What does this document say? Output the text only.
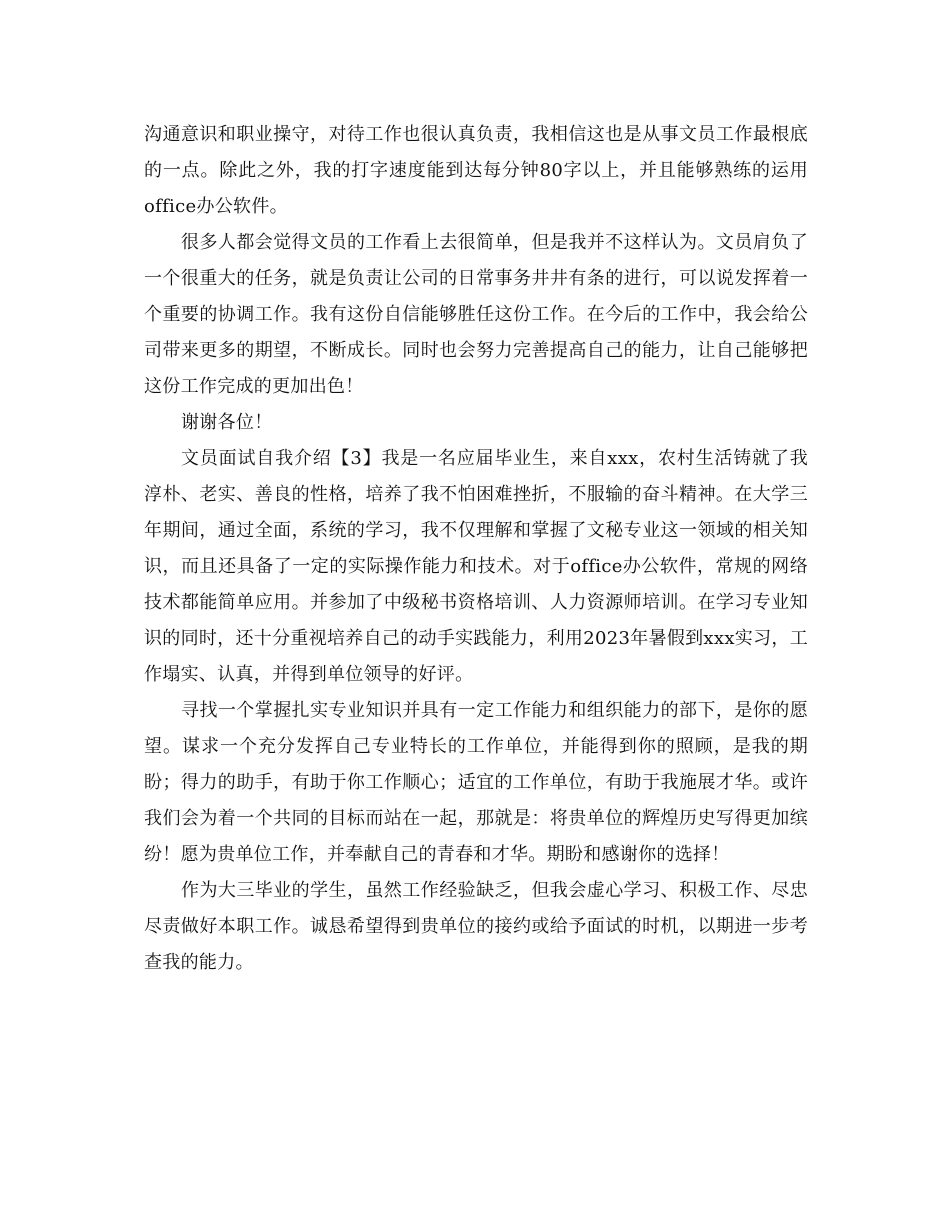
沟通意识和职业操守，对待工作也很认真负责，我相信这也是从事文员工作最根底的一点。除此之外，我的打字速度能到达每分钟80字以上，并且能够熟练的运用office办公软件。

很多人都会觉得文员的工作看上去很简单，但是我并不这样认为。文员肩负了一个很重大的任务，就是负责让公司的日常事务井井有条的进行，可以说发挥着一个重要的协调工作。我有这份自信能够胜任这份工作。在今后的工作中，我会给公司带来更多的期望，不断成长。同时也会努力完善提高自己的能力，让自己能够把这份工作完成的更加出色！

谢谢各位！

文员面试自我介绍【3】我是一名应届毕业生，来自xxx，农村生活铸就了我淳朴、老实、善良的性格，培养了我不怕困难挫折，不服输的奋斗精神。在大学三年期间，通过全面，系统的学习，我不仅理解和掌握了文秘专业这一领域的相关知识，而且还具备了一定的实际操作能力和技术。对于office办公软件，常规的网络技术都能简单应用。并参加了中级秘书资格培训、人力资源师培训。在学习专业知识的同时，还十分重视培养自己的动手实践能力，利用2023年暑假到xxx实习，工作塌实、认真，并得到单位领导的好评。

寻找一个掌握扎实专业知识并具有一定工作能力和组织能力的部下，是你的愿望。谋求一个充分发挥自己专业特长的工作单位，并能得到你的照顾，是我的期盼；得力的助手，有助于你工作顺心；适宜的工作单位，有助于我施展才华。或许我们会为着一个共同的目标而站在一起，那就是：将贵单位的辉煌历史写得更加缤纷！愿为贵单位工作，并奉献自己的青春和才华。期盼和感谢你的选择！

作为大三毕业的学生，虽然工作经验缺乏，但我会虚心学习、积极工作、尽忠尽责做好本职工作。诚恳希望得到贵单位的接约或给予面试的时机，以期进一步考查我的能力。
